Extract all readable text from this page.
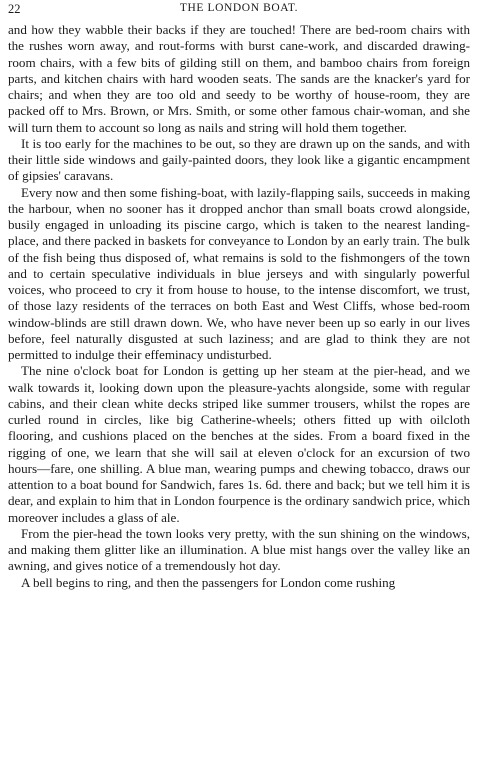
22	THE LONDON BOAT.

and how they wabble their backs if they are touched! There are bed-room chairs with the rushes worn away, and rout-forms with burst cane-work, and discarded drawing-room chairs, with a few bits of gilding still on them, and bamboo chairs from foreign parts, and kitchen chairs with hard wooden seats. The sands are the knacker's yard for chairs; and when they are too old and seedy to be worthy of house-room, they are packed off to Mrs. Brown, or Mrs. Smith, or some other famous chair-woman, and she will turn them to account so long as nails and string will hold them together.

It is too early for the machines to be out, so they are drawn up on the sands, and with their little side windows and gaily-painted doors, they look like a gigantic encampment of gipsies' caravans.

Every now and then some fishing-boat, with lazily-flapping sails, succeeds in making the harbour, when no sooner has it dropped anchor than small boats crowd alongside, busily engaged in unloading its piscine cargo, which is taken to the nearest landing-place, and there packed in baskets for conveyance to London by an early train. The bulk of the fish being thus disposed of, what remains is sold to the fishmongers of the town and to certain speculative individuals in blue jerseys and with singularly powerful voices, who proceed to cry it from house to house, to the intense discomfort, we trust, of those lazy residents of the terraces on both East and West Cliffs, whose bed-room window-blinds are still drawn down. We, who have never been up so early in our lives before, feel naturally disgusted at such laziness; and are glad to think they are not permitted to indulge their effeminacy undisturbed.

The nine o'clock boat for London is getting up her steam at the pier-head, and we walk towards it, looking down upon the pleasure-yachts alongside, some with regular cabins, and their clean white decks striped like summer trousers, whilst the ropes are curled round in circles, like big Catherine-wheels; others fitted up with oilcloth flooring, and cushions placed on the benches at the sides. From a board fixed in the rigging of one, we learn that she will sail at eleven o'clock for an excursion of two hours—fare, one shilling. A blue man, wearing pumps and chewing tobacco, draws our attention to a boat bound for Sandwich, fares 1s. 6d. there and back; but we tell him it is dear, and explain to him that in London fourpence is the ordinary sandwich price, which moreover includes a glass of ale.

From the pier-head the town looks very pretty, with the sun shining on the windows, and making them glitter like an illumination. A blue mist hangs over the valley like an awning, and gives notice of a tremendously hot day.

A bell begins to ring, and then the passengers for London come rushing
